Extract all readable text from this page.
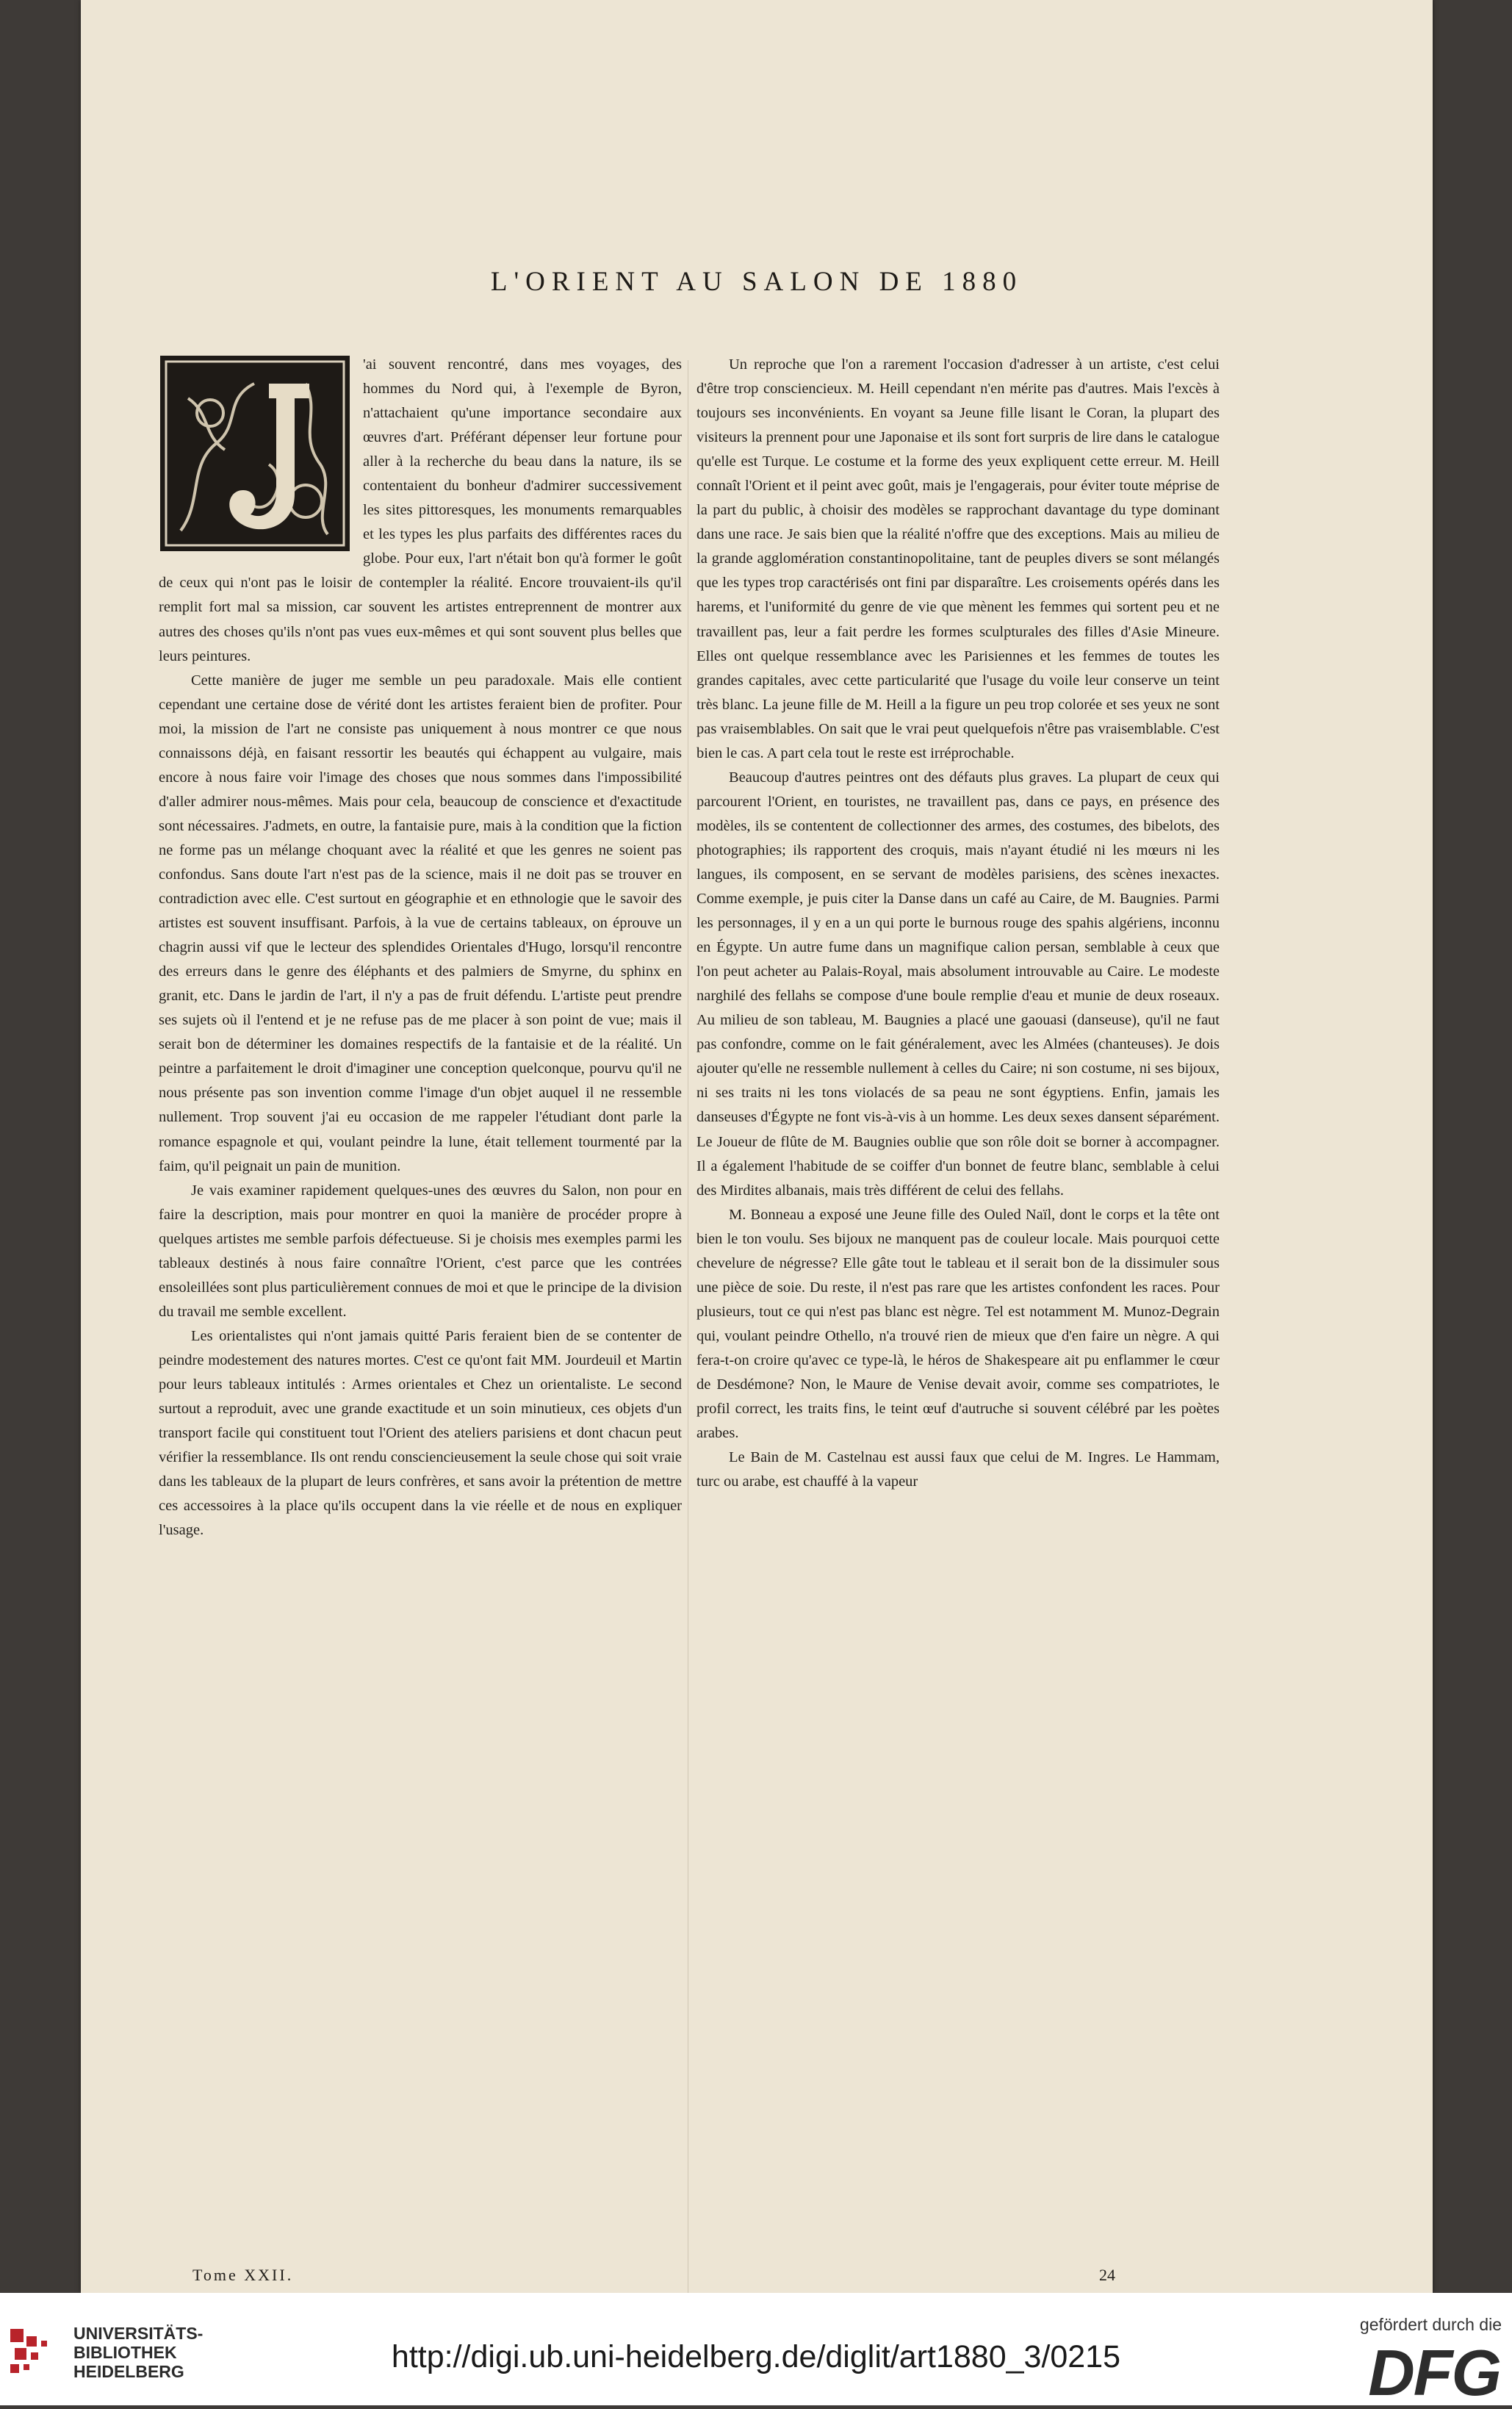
L'ORIENT AU SALON DE 1880
J

'ai souvent rencontré, dans mes voyages, des hommes du Nord qui, à l'exemple de Byron, n'attachaient qu'une importance secondaire aux œuvres d'art. Préférant dépenser leur fortune pour aller à la recherche du beau dans la nature, ils se contentaient du bonheur d'admirer successivement les sites pittoresques, les monuments remarquables et les types les plus parfaits des différentes races du globe. Pour eux, l'art n'était bon qu'à former le goût de ceux qui n'ont pas le loisir de contempler la réalité. Encore trouvaient-ils qu'il remplit fort mal sa mission, car souvent les artistes entreprennent de montrer aux autres des choses qu'ils n'ont pas vues eux-mêmes et qui sont souvent plus belles que leurs peintures.

Cette manière de juger me semble un peu paradoxale. Mais elle contient cependant une certaine dose de vérité dont les artistes feraient bien de profiter. Pour moi, la mission de l'art ne consiste pas uniquement à nous montrer ce que nous connaissons déjà, en faisant ressortir les beautés qui échappent au vulgaire, mais encore à nous faire voir l'image des choses que nous sommes dans l'impossibilité d'aller admirer nous-mêmes. Mais pour cela, beaucoup de conscience et d'exactitude sont nécessaires. J'admets, en outre, la fantaisie pure, mais à la condition que la fiction ne forme pas un mélange choquant avec la réalité et que les genres ne soient pas confondus. Sans doute l'art n'est pas de la science, mais il ne doit pas se trouver en contradiction avec elle. C'est surtout en géographie et en ethnologie que le savoir des artistes est souvent insuffisant. Parfois, à la vue de certains tableaux, on éprouve un chagrin aussi vif que le lecteur des splendides Orientales d'Hugo, lorsqu'il rencontre des erreurs dans le genre des éléphants et des palmiers de Smyrne, du sphinx en granit, etc. Dans le jardin de l'art, il n'y a pas de fruit défendu. L'artiste peut prendre ses sujets où il l'entend et je ne refuse pas de me placer à son point de vue; mais il serait bon de déterminer les domaines respectifs de la fantaisie et de la réalité. Un peintre a parfaitement le droit d'imaginer une conception quelconque, pourvu qu'il ne nous présente pas son invention comme l'image d'un objet auquel il ne ressemble nullement. Trop souvent j'ai eu occasion de me rappeler l'étudiant dont parle la romance espagnole et qui, voulant peindre la lune, était tellement tourmenté par la faim, qu'il peignait un pain de munition.

Je vais examiner rapidement quelques-unes des œuvres du Salon, non pour en faire la description, mais pour montrer en quoi la manière de procéder propre à quelques artistes me semble parfois défectueuse. Si je choisis mes exemples parmi les tableaux destinés à nous faire connaître l'Orient, c'est parce que les contrées ensoleillées sont plus particulièrement connues de moi et que le principe de la division du travail me semble excellent.

Les orientalistes qui n'ont jamais quitté Paris feraient bien de se contenter de peindre modestement des natures mortes. C'est ce qu'ont fait MM. Jourdeuil et Martin pour leurs tableaux intitulés : Armes orientales et Chez un orientaliste. Le second surtout a reproduit, avec une grande exactitude et un soin minutieux, ces objets d'un transport facile qui constituent tout l'Orient des ateliers parisiens et dont chacun peut vérifier la ressemblance. Ils ont rendu consciencieusement la seule chose qui soit vraie dans les tableaux de la plupart de leurs confrères, et sans avoir la prétention de mettre ces accessoires à la place qu'ils occupent dans la vie réelle et de nous en expliquer l'usage.

Un reproche que l'on a rarement l'occasion d'adresser à un artiste, c'est celui d'être trop consciencieux. M. Heill cependant n'en mérite pas d'autres. Mais l'excès à toujours ses inconvénients. En voyant sa Jeune fille lisant le Coran, la plupart des visiteurs la prennent pour une Japonaise et ils sont fort surpris de lire dans le catalogue qu'elle est Turque. Le costume et la forme des yeux expliquent cette erreur. M. Heill connaît l'Orient et il peint avec goût, mais je l'engagerais, pour éviter toute méprise de la part du public, à choisir des modèles se rapprochant davantage du type dominant dans une race. Je sais bien que la réalité n'offre que des exceptions. Mais au milieu de la grande agglomération constantinopolitaine, tant de peuples divers se sont mélangés que les types trop caractérisés ont fini par disparaître. Les croisements opérés dans les harems, et l'uniformité du genre de vie que mènent les femmes qui sortent peu et ne travaillent pas, leur a fait perdre les formes sculpturales des filles d'Asie Mineure. Elles ont quelque ressemblance avec les Parisiennes et les femmes de toutes les grandes capitales, avec cette particularité que l'usage du voile leur conserve un teint très blanc. La jeune fille de M. Heill a la figure un peu trop colorée et ses yeux ne sont pas vraisemblables. On sait que le vrai peut quelquefois n'être pas vraisemblable. C'est bien le cas. A part cela tout le reste est irréprochable.

Beaucoup d'autres peintres ont des défauts plus graves. La plupart de ceux qui parcourent l'Orient, en touristes, ne travaillent pas, dans ce pays, en présence des modèles, ils se contentent de collectionner des armes, des costumes, des bibelots, des photographies; ils rapportent des croquis, mais n'ayant étudié ni les mœurs ni les langues, ils composent, en se servant de modèles parisiens, des scènes inexactes. Comme exemple, je puis citer la Danse dans un café au Caire, de M. Baugnies. Parmi les personnages, il y en a un qui porte le burnous rouge des spahis algériens, inconnu en Égypte. Un autre fume dans un magnifique calion persan, semblable à ceux que l'on peut acheter au Palais-Royal, mais absolument introuvable au Caire. Le modeste narghilé des fellahs se compose d'une boule remplie d'eau et munie de deux roseaux. Au milieu de son tableau, M. Baugnies a placé une gaouasi (danseuse), qu'il ne faut pas confondre, comme on le fait généralement, avec les Almées (chanteuses). Je dois ajouter qu'elle ne ressemble nullement à celles du Caire; ni son costume, ni ses bijoux, ni ses traits ni les tons violacés de sa peau ne sont égyptiens. Enfin, jamais les danseuses d'Égypte ne font vis-à-vis à un homme. Les deux sexes dansent séparément. Le Joueur de flûte de M. Baugnies oublie que son rôle doit se borner à accompagner. Il a également l'habitude de se coiffer d'un bonnet de feutre blanc, semblable à celui des Mirdites albanais, mais très différent de celui des fellahs.

M. Bonneau a exposé une Jeune fille des Ouled Naïl, dont le corps et la tête ont bien le ton voulu. Ses bijoux ne manquent pas de couleur locale. Mais pourquoi cette chevelure de négresse? Elle gâte tout le tableau et il serait bon de la dissimuler sous une pièce de soie. Du reste, il n'est pas rare que les artistes confondent les races. Pour plusieurs, tout ce qui n'est pas blanc est nègre. Tel est notamment M. Munoz-Degrain qui, voulant peindre Othello, n'a trouvé rien de mieux que d'en faire un nègre. A qui fera-t-on croire qu'avec ce type-là, le héros de Shakespeare ait pu enflammer le cœur de Desdémone? Non, le Maure de Venise devait avoir, comme ses compatriotes, le profil correct, les traits fins, le teint œuf d'autruche si souvent célébré par les poètes arabes.

Le Bain de M. Castelnau est aussi faux que celui de M. Ingres. Le Hammam, turc ou arabe, est chauffé à la vapeur

Tome XXII.	24
UNIVERSITÄTS-
BIBLIOTHEK
HEIDELBERG	http://digi.ub.uni-heidelberg.de/diglit/art1880_3/0215
gefördert durch die
DFG
